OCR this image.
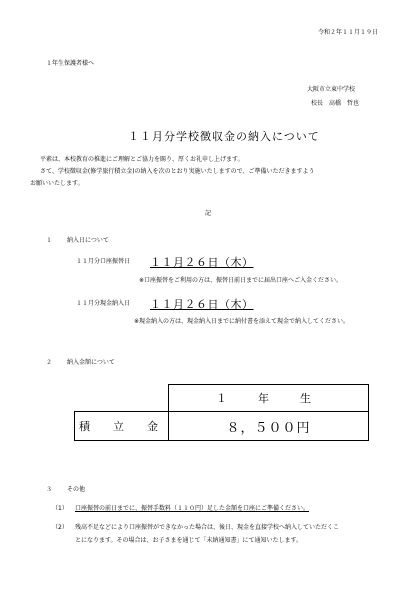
令和２年１１月１９日
１年生保護者様へ
大阪市立東中学校
校長　高橋　哲也
１１月分学校徴収金の納入について
平素は、本校教育の推進にご理解とご協力を賜り、厚くお礼申し上げます。
さて、学校徴収金(修学旅行積立金)の納入を次のとおり実施いたしますので、ご準備いただきますよう
お願いいたします。
記
１ 納入日について
１１月分口座振替日 １１月２６日（木）
※口座振替をご利用の方は、振替日前日までに届出口座へご入金ください。
１１月分現金納入日 １１月２６日（木）
※現金納入の方は、現金納入日までに納付書を添えて現金で納入してください。
２ 納入金額について
	１　年　生
積　立　金	８，５００円
３ その他
（1） 口座振替の前日までに、振替手数料（１１０円）足した金額を口座にご準備ください。
（2） 残高不足などにより口座振替ができなかった場合は、後日、現金を直接学校へ納入していただくこ
とになります。その場合は、お子さまを通じて「未納通知書」にて通知いたします。
